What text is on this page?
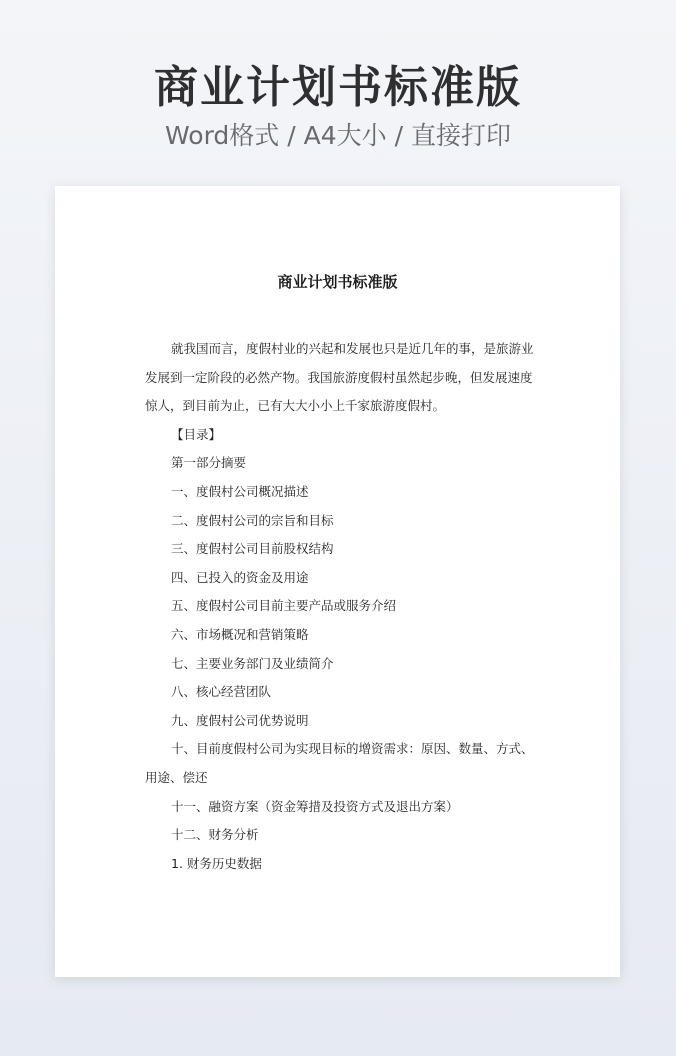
商业计划书标准版
Word格式 / A4大小 / 直接打印
商业计划书标准版

就我国而言，度假村业的兴起和发展也只是近几年的事，是旅游业发展到一定阶段的必然产物。我国旅游度假村虽然起步晚，但发展速度惊人，到目前为止，已有大大小小上千家旅游度假村。

【目录】
第一部分摘要
一、度假村公司概况描述
二、度假村公司的宗旨和目标
三、度假村公司目前股权结构
四、已投入的资金及用途
五、度假村公司目前主要产品或服务介绍
六、市场概况和营销策略
七、主要业务部门及业绩简介
八、核心经营团队
九、度假村公司优势说明
十、目前度假村公司为实现目标的增资需求：原因、数量、方式、用途、偿还
十一、融资方案（资金筹措及投资方式及退出方案）
十二、财务分析
1. 财务历史数据
